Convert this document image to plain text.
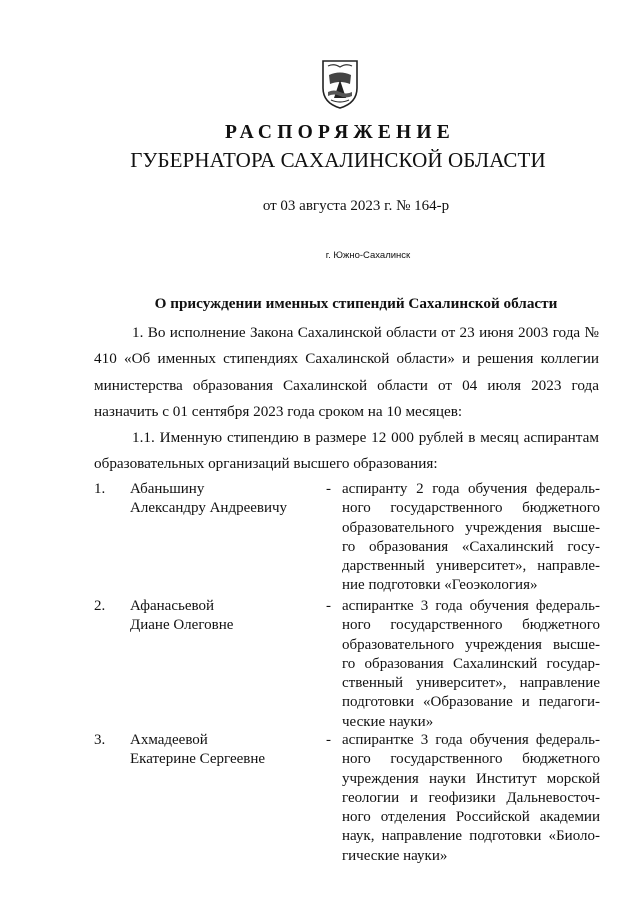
РАСПОРЯЖЕНИЕ
ГУБЕРНАТОРА САХАЛИНСКОЙ ОБЛАСТИ
от 03 августа 2023 г. № 164-р
г. Южно-Сахалинск
О присуждении именных стипендий Сахалинской области
1. Во исполнение Закона Сахалинской области от 23 июня 2003 года № 410 «Об именных стипендиях Сахалинской области» и решения коллегии министерства образования Сахалинской области от 04 июля 2023 года назначить с 01 сентября 2023 года сроком на 10 месяцев:
1.1. Именную стипендию в размере 12 000 рублей в месяц аспирантам образовательных организаций высшего образования:
1. Абаньшину
Александру Андреевичу
- аспиранту 2 года обучения федераль-
ного государственного бюджетного
образовательного учреждения высше-
го образования «Сахалинский госу-
дарственный университет», направле-
ние подготовки «Геоэкология»
2. Афанасьевой
Диане Олеговне
- аспирантке 3 года обучения федераль-
ного государственного бюджетного
образовательного учреждения высше-
го образования Сахалинский государ-
ственный университет», направление
подготовки «Образование и педагоги-
ческие науки»
3. Ахмадеевой
Екатерине Сергеевне
- аспирантке 3 года обучения федераль-
ного государственного бюджетного
учреждения науки Институт морской
геологии и геофизики Дальневосточ-
ного отделения Российской академии
наук, направление подготовки «Биоло-
гические науки»
